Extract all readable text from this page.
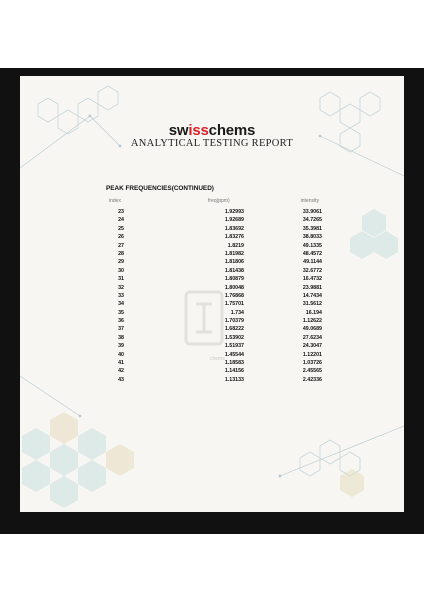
swisschems
ANALYTICAL TESTING REPORT
chems
PEAK FREQUENCIES(CONTINUED)
index	freq(ppm)	intensity
23	1.92993	33.9061
24	1.92689	34.7265
25	1.83692	35.3981
26	1.83276	38.8033
27	1.8219	49.1335
28	1.81982	48.4572
29	1.81806	49.1144
30	1.81438	32.6772
31	1.80879	16.4732
32	1.80048	23.9881
33	1.76868	14.7434
34	1.75701	31.5612
35	1.734	16.194
36	1.70379	1.12622
37	1.68222	49.0689
38	1.53902	27.6234
39	1.51937	24.3047
40	1.45544	1.12201
41	1.18583	1.03726
42	1.14156	2.45565
43	1.13133	2.42336
Bromantane pg 4
